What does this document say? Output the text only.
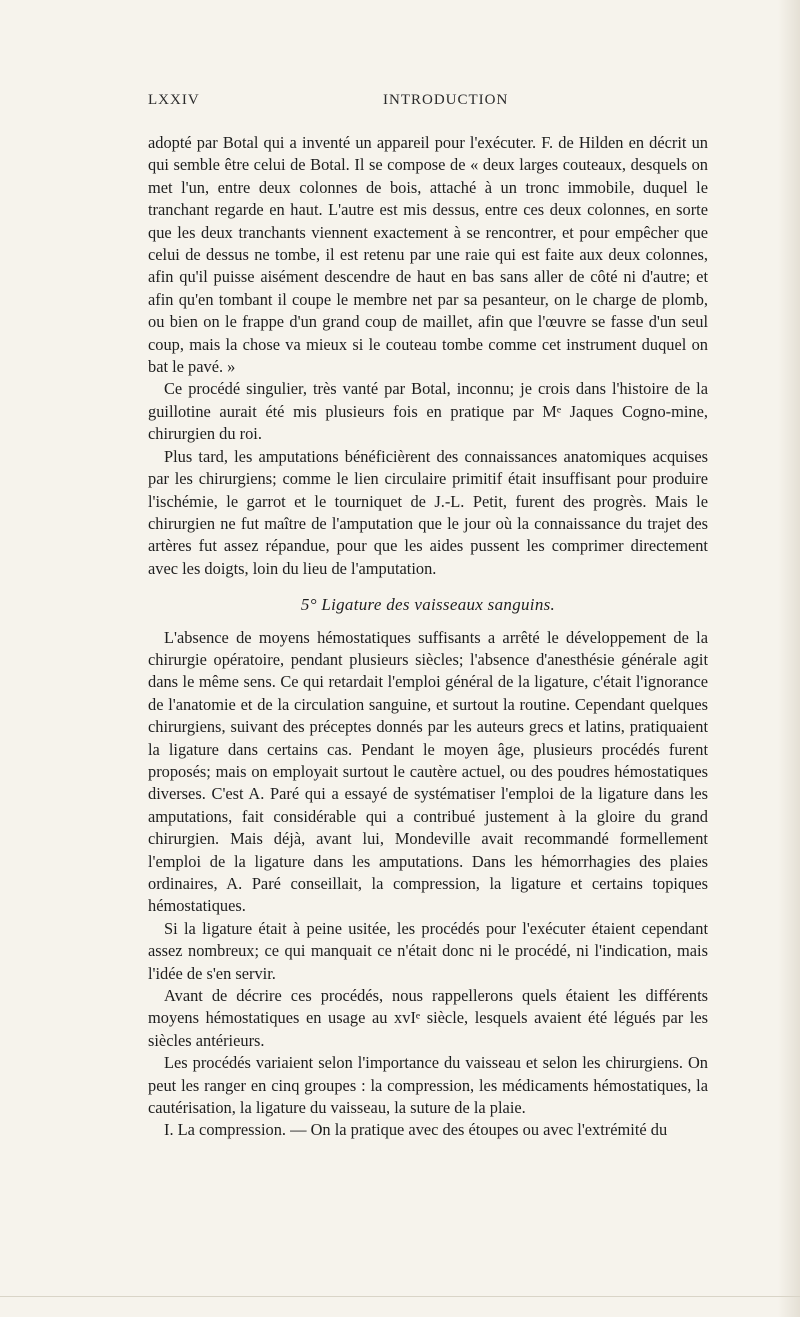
LXXIV	INTRODUCTION

adopté par Botal qui a inventé un appareil pour l'exécuter. F. de Hilden en décrit un qui semble être celui de Botal. Il se compose de « deux larges couteaux, desquels on met l'un, entre deux colonnes de bois, attaché à un tronc immobile, duquel le tranchant regarde en haut. L'autre est mis dessus, entre ces deux colonnes, en sorte que les deux tranchants viennent exactement à se rencontrer, et pour empêcher que celui de dessus ne tombe, il est retenu par une raie qui est faite aux deux colonnes, afin qu'il puisse aisément descendre de haut en bas sans aller de côté ni d'autre; et afin qu'en tombant il coupe le membre net par sa pesanteur, on le charge de plomb, ou bien on le frappe d'un grand coup de maillet, afin que l'œuvre se fasse d'un seul coup, mais la chose va mieux si le couteau tombe comme cet instrument duquel on bat le pavé. »

Ce procédé singulier, très vanté par Botal, inconnu; je crois dans l'histoire de la guillotine aurait été mis plusieurs fois en pratique par Mᵉ Jaques Cogno-mine, chirurgien du roi.

Plus tard, les amputations bénéficièrent des connaissances anatomiques acquises par les chirurgiens; comme le lien circulaire primitif était insuffisant pour produire l'ischémie, le garrot et le tourniquet de J.-L. Petit, furent des progrès. Mais le chirurgien ne fut maître de l'amputation que le jour où la connaissance du trajet des artères fut assez répandue, pour que les aides pussent les comprimer directement avec les doigts, loin du lieu de l'amputation.

5° Ligature des vaisseaux sanguins.

L'absence de moyens hémostatiques suffisants a arrêté le développement de la chirurgie opératoire, pendant plusieurs siècles; l'absence d'anesthésie générale agit dans le même sens. Ce qui retardait l'emploi général de la ligature, c'était l'ignorance de l'anatomie et de la circulation sanguine, et surtout la routine. Cependant quelques chirurgiens, suivant des préceptes donnés par les auteurs grecs et latins, pratiquaient la ligature dans certains cas. Pendant le moyen âge, plusieurs procédés furent proposés; mais on employait surtout le cautère actuel, ou des poudres hémostatiques diverses. C'est A. Paré qui a essayé de systématiser l'emploi de la ligature dans les amputations, fait considérable qui a contribué justement à la gloire du grand chirurgien. Mais déjà, avant lui, Mondeville avait recommandé formellement l'emploi de la ligature dans les amputations. Dans les hémorrhagies des plaies ordinaires, A. Paré conseillait, la compression, la ligature et certains topiques hémostatiques.

Si la ligature était à peine usitée, les procédés pour l'exécuter étaient cependant assez nombreux; ce qui manquait ce n'était donc ni le procédé, ni l'indication, mais l'idée de s'en servir.

Avant de décrire ces procédés, nous rappellerons quels étaient les différents moyens hémostatiques en usage au xvIᵉ siècle, lesquels avaient été légués par les siècles antérieurs.

Les procédés variaient selon l'importance du vaisseau et selon les chirurgiens. On peut les ranger en cinq groupes : la compression, les médicaments hémostatiques, la cautérisation, la ligature du vaisseau, la suture de la plaie.

I. La compression. — On la pratique avec des étoupes ou avec l'extrémité du
